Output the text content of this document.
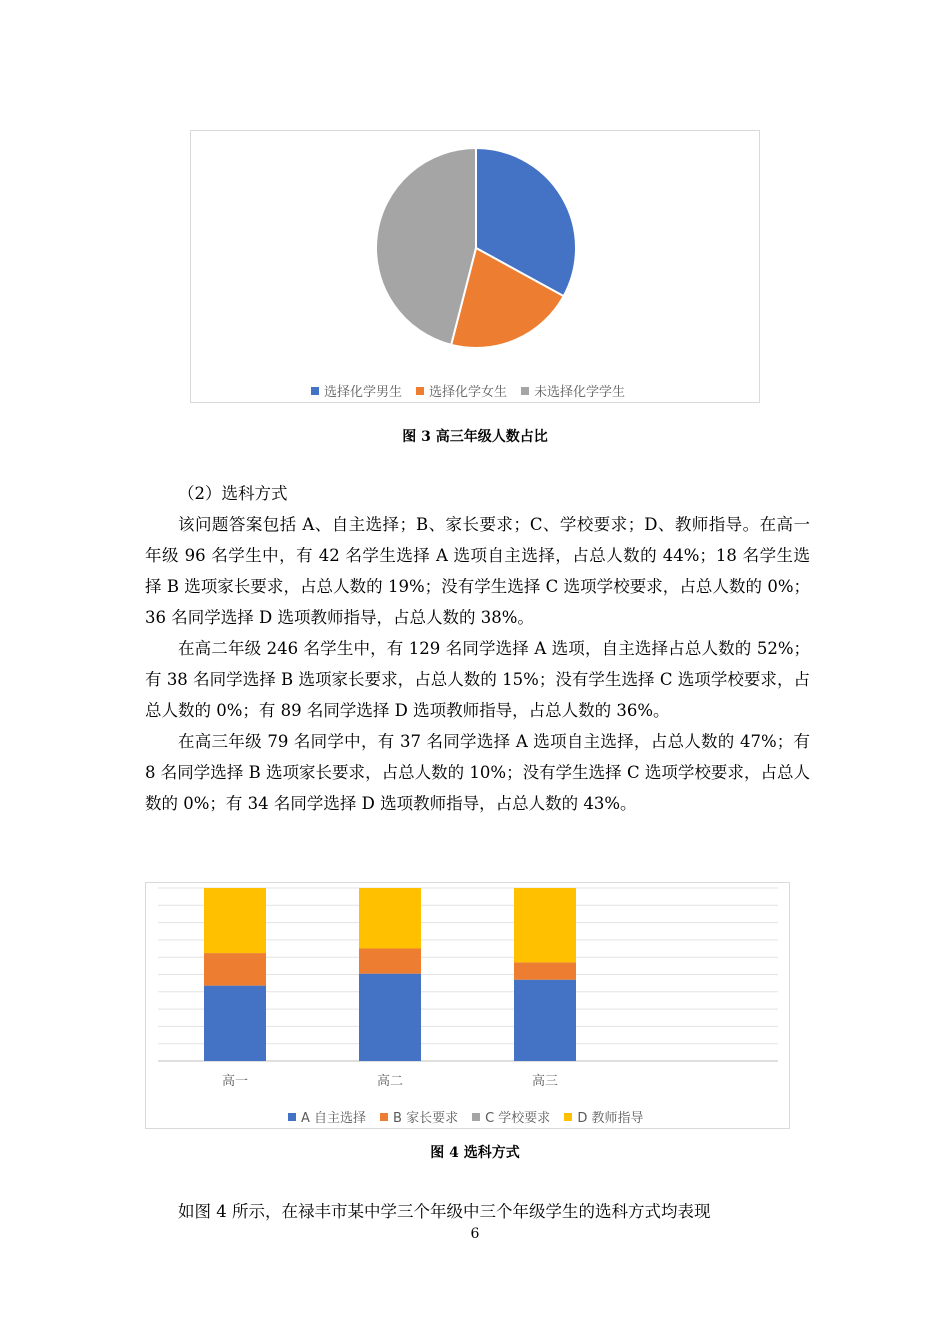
选择化学男生 选择化学女生 未选择化学学生
图 3 高三年级人数占比

（2）选科方式

该问题答案包括 A、自主选择；B、家长要求；C、学校要求；D、教师指导。在高一年级 96 名学生中，有 42 名学生选择 A 选项自主选择，占总人数的 44%；18 名学生选择 B 选项家长要求，占总人数的 19%；没有学生选择 C 选项学校要求，占总人数的 0%；36 名同学选择 D 选项教师指导，占总人数的 38%。

在高二年级 246 名学生中，有 129 名同学选择 A 选项，自主选择占总人数的 52%；有 38 名同学选择 B 选项家长要求，占总人数的 15%；没有学生选择 C 选项学校要求，占总人数的 0%；有 89 名同学选择 D 选项教师指导，占总人数的 36%。

在高三年级 79 名同学中，有 37 名同学选择 A 选项自主选择，占总人数的 47%；有 8 名同学选择 B 选项家长要求，占总人数的 10%；没有学生选择 C 选项学校要求，占总人数的 0%；有 34 名同学选择 D 选项教师指导，占总人数的 43%。

高一	高二	高三
A 自主选择 B 家长要求 C 学校要求 D 教师指导
图 4 选科方式

如图 4 所示，在禄丰市某中学三个年级中三个年级学生的选科方式均表现

6
